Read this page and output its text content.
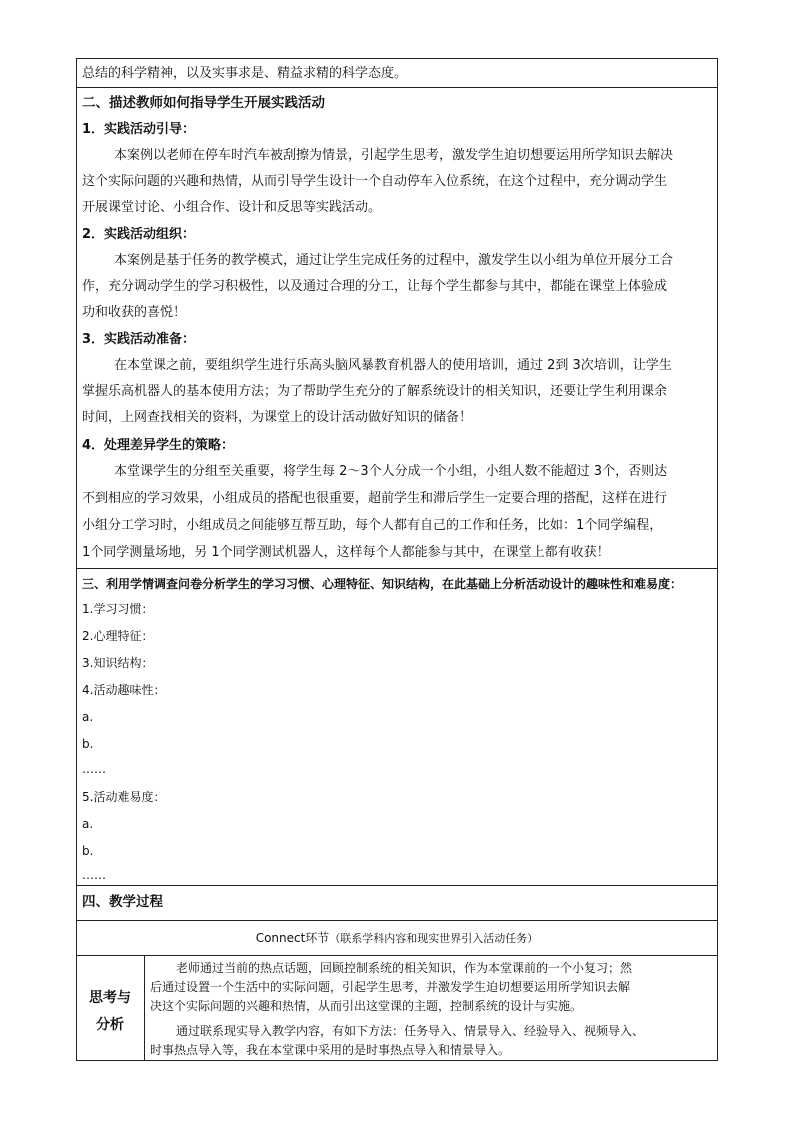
总结的科学精神，以及实事求是、精益求精的科学态度。
二、描述教师如何指导学生开展实践活动
1．实践活动引导：
本案例以老师在停车时汽车被刮擦为情景，引起学生思考，激发学生迫切想要运用所学知识去解决
这个实际问题的兴趣和热情，从而引导学生设计一个自动停车入位系统，在这个过程中，充分调动学生
开展课堂讨论、小组合作、设计和反思等实践活动。
2．实践活动组织：
本案例是基于任务的教学模式，通过让学生完成任务的过程中，激发学生以小组为单位开展分工合
作，充分调动学生的学习积极性，以及通过合理的分工，让每个学生都参与其中，都能在课堂上体验成
功和收获的喜悦！
3．实践活动准备：
在本堂课之前，要组织学生进行乐高头脑风暴教育机器人的使用培训，通过 2到 3次培训，让学生
掌握乐高机器人的基本使用方法；为了帮助学生充分的了解系统设计的相关知识，还要让学生利用课余
时间，上网查找相关的资料，为课堂上的设计活动做好知识的储备！
4．处理差异学生的策略：
本堂课学生的分组至关重要，将学生每 2～3个人分成一个小组，小组人数不能超过 3个，否则达
不到相应的学习效果，小组成员的搭配也很重要，超前学生和滞后学生一定要合理的搭配，这样在进行
小组分工学习时，小组成员之间能够互帮互助，每个人都有自己的工作和任务，比如：1个同学编程，
1个同学测量场地，另 1个同学测试机器人，这样每个人都能参与其中，在课堂上都有收获！
三、利用学情调查问卷分析学生的学习习惯、心理特征、知识结构，在此基础上分析活动设计的趣味性和难易度：
1.学习习惯：
2.心理特征：
3.知识结构：
4.活动趣味性：
a.
b.
……
5.活动难易度：
a.
b.
……
四、教学过程
Connect环节（联系学科内容和现实世界引入活动任务）
思考与
分析
老师通过当前的热点话题，回顾控制系统的相关知识，作为本堂课前的一个小复习；然
后通过设置一个生活中的实际问题，引起学生思考，并激发学生迫切想要运用所学知识去解
决这个实际问题的兴趣和热情，从而引出这堂课的主题，控制系统的设计与实施。
通过联系现实导入教学内容，有如下方法：任务导入、情景导入、经验导入、视频导入、
时事热点导入等，我在本堂课中采用的是时事热点导入和情景导入。
